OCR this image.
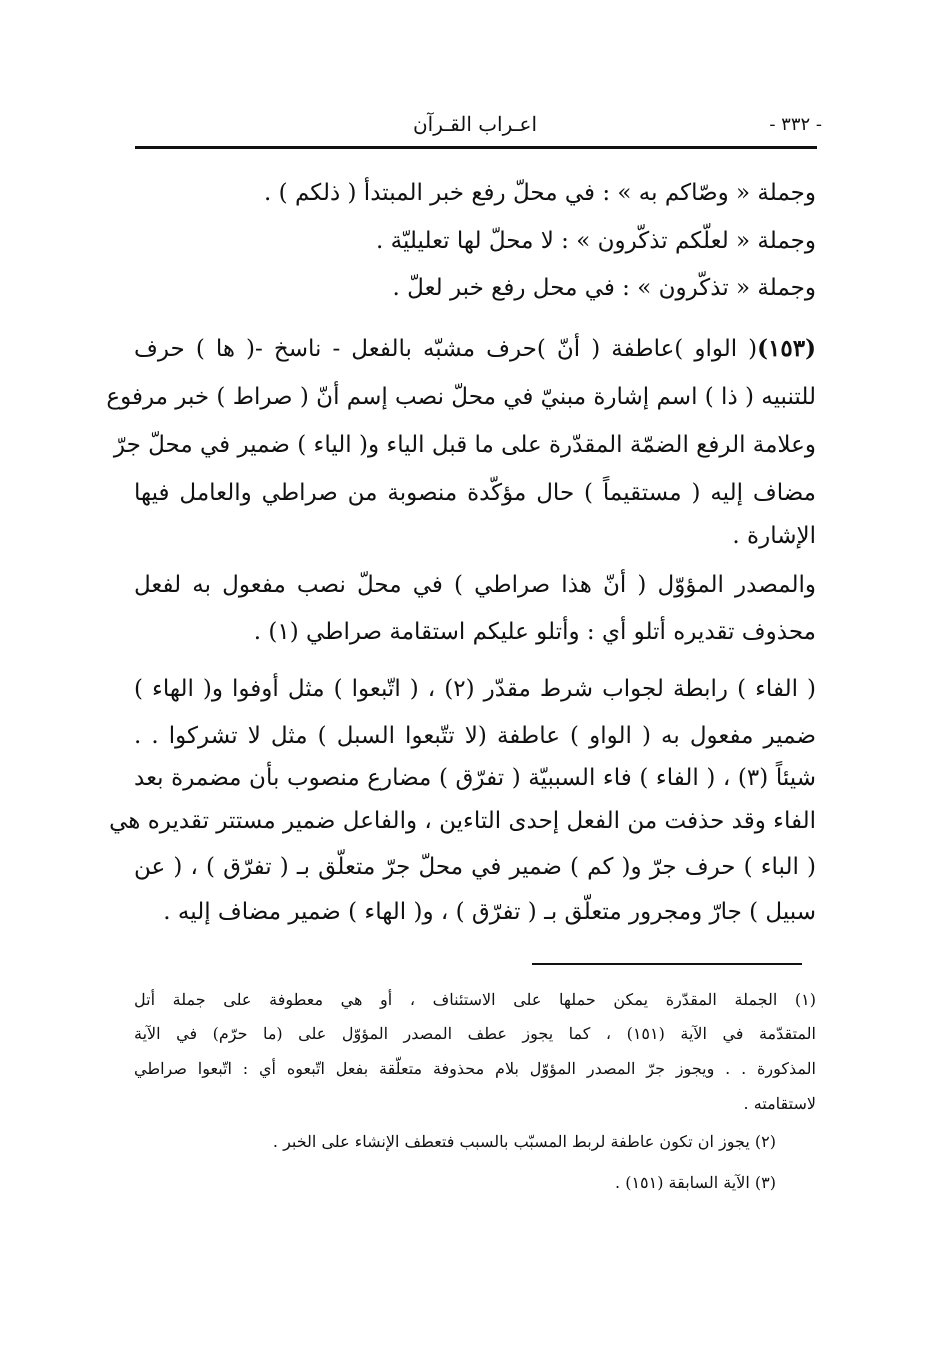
- ٣٣٢ -
اعـراب القـرآن
وجملة « وصّاكم به » : في محلّ رفع خبر المبتدأ ( ذلكم ) .
وجملة « لعلّكم تذكّرون » : لا محلّ لها تعليليّة .
وجملة « تذكّرون » : في محل رفع خبر لعلّ .
(١٥٣)( الواو )عاطفة ( أنّ )حرف مشبّه بالفعل - ناسخ -( ها ) حرف
للتنبيه ( ذا ) اسم إشارة مبنيّ في محلّ نصب إسم أنّ ( صراط ) خبر مرفوع
وعلامة الرفع الضمّة المقدّرة على ما قبل الياء و( الياء ) ضمير في محلّ جرّ
مضاف إليه ( مستقيماً ) حال مؤكّدة منصوبة من صراطي والعامل فيها
الإشارة .
والمصدر المؤوّل ( أنّ هذا صراطي ) في محلّ نصب مفعول به لفعل
محذوف تقديره أتلو أي : وأتلو عليكم استقامة صراطي (١) .
( الفاء ) رابطة لجواب شرط مقدّر (٢) ، ( اتّبعوا ) مثل أوفوا و( الهاء )
ضمير مفعول به ( الواو ) عاطفة (لا تتّبعوا السبل ) مثل لا تشركوا . .
شيئاً (٣) ، ( الفاء ) فاء السببيّة ( تفرّق ) مضارع منصوب بأن مضمرة بعد
الفاء وقد حذفت من الفعل إحدى التاءين ، والفاعل ضمير مستتر تقديره هي
( الباء ) حرف جرّ و( كم ) ضمير في محلّ جرّ متعلّق بـ ( تفرّق ) ، ( عن
سبيل ) جارّ ومجرور متعلّق بـ ( تفرّق ) ، و( الهاء ) ضمير مضاف إليه .
(١) الجملة المقدّرة يمكن حملها على الاستئناف ، أو هي معطوفة على جملة أتل
المتقدّمة في الآية (١٥١) ، كما يجوز عطف المصدر المؤوّل على (ما حرّم) في الآية
المذكورة . . ويجوز جرّ المصدر المؤوّل بلام محذوفة متعلّقة بفعل اتّبعوه أي : اتّبعوا صراطي
لاستقامته .
(٢) يجوز ان تكون عاطفة لربط المسبّب بالسبب فتعطف الإنشاء على الخبر .
(٣) الآية السابقة (١٥١) .
